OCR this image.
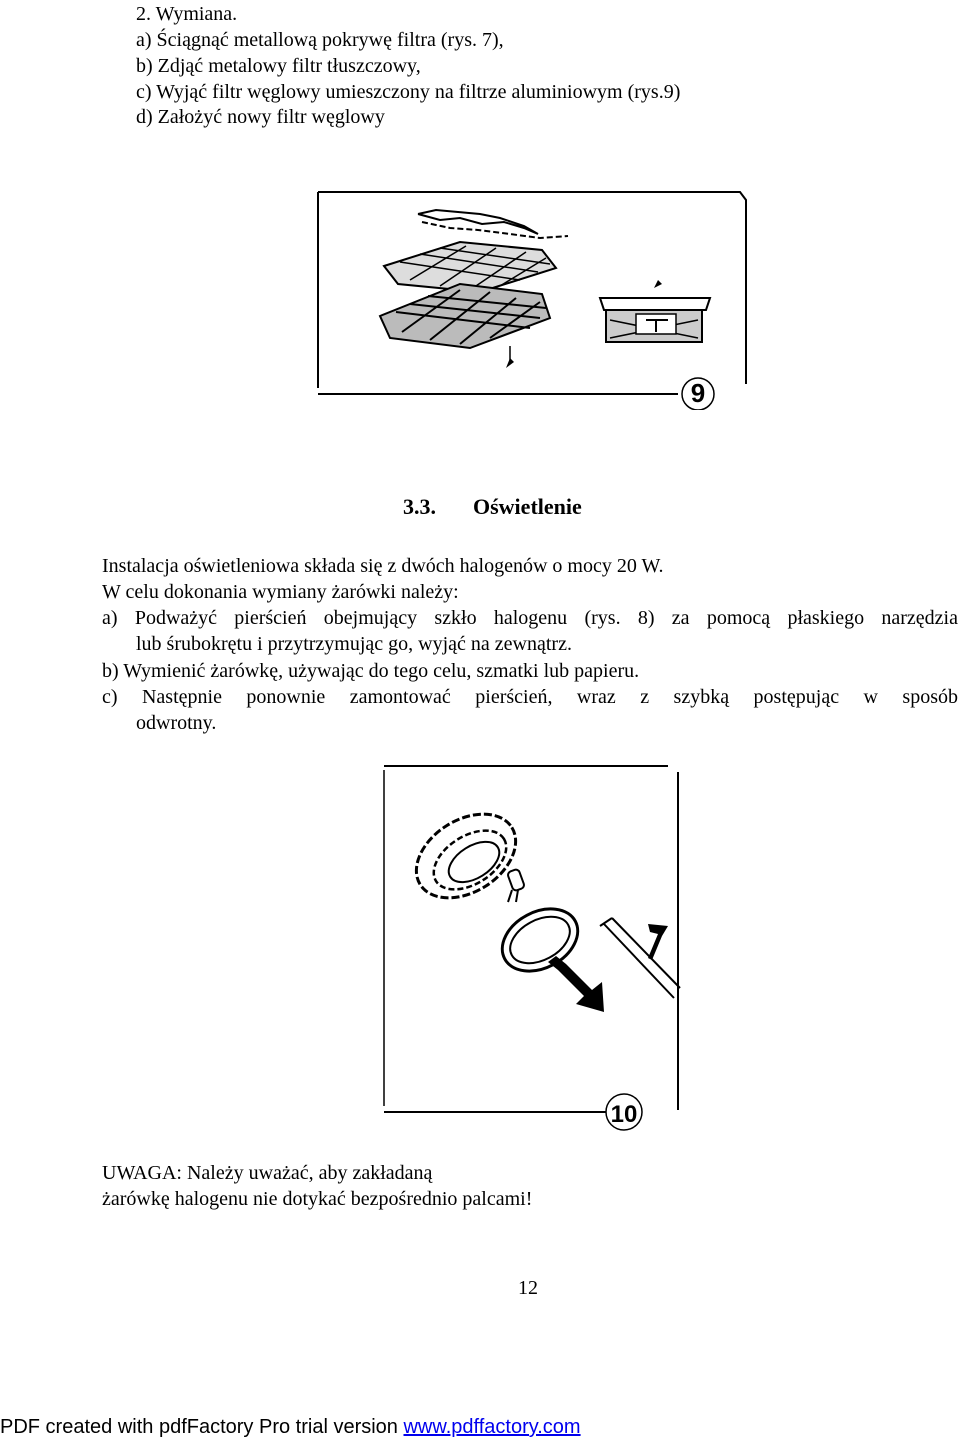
2. Wymiana.
a) Ściągnąć metallową pokrywę filtra (rys. 7),
b) Zdjąć metalowy filtr tłuszczowy,
c) Wyjąć filtr węglowy umieszczony na filtrze aluminiowym (rys.9)
d) Założyć nowy filtr węglowy
9
3.3. Oświetlenie
Instalacja oświetleniowa składa się z dwóch halogenów o mocy 20 W.
W celu dokonania wymiany żarówki należy:
a) Podważyć pierścień obejmujący szkło halogenu (rys. 8) za pomocą płaskiego narzędzia
lub śrubokrętu i przytrzymując go, wyjąć na zewnątrz.
b) Wymienić żarówkę, używając do tego celu, szmatki lub papieru.
c) Następnie ponownie zamontować pierścień, wraz z szybką postępując w sposób
odwrotny.
10
UWAGA: Należy uważać, aby zakładaną
żarówkę halogenu nie dotykać bezpośrednio palcami!
12
PDF created with pdfFactory Pro trial version www.pdffactory.com
